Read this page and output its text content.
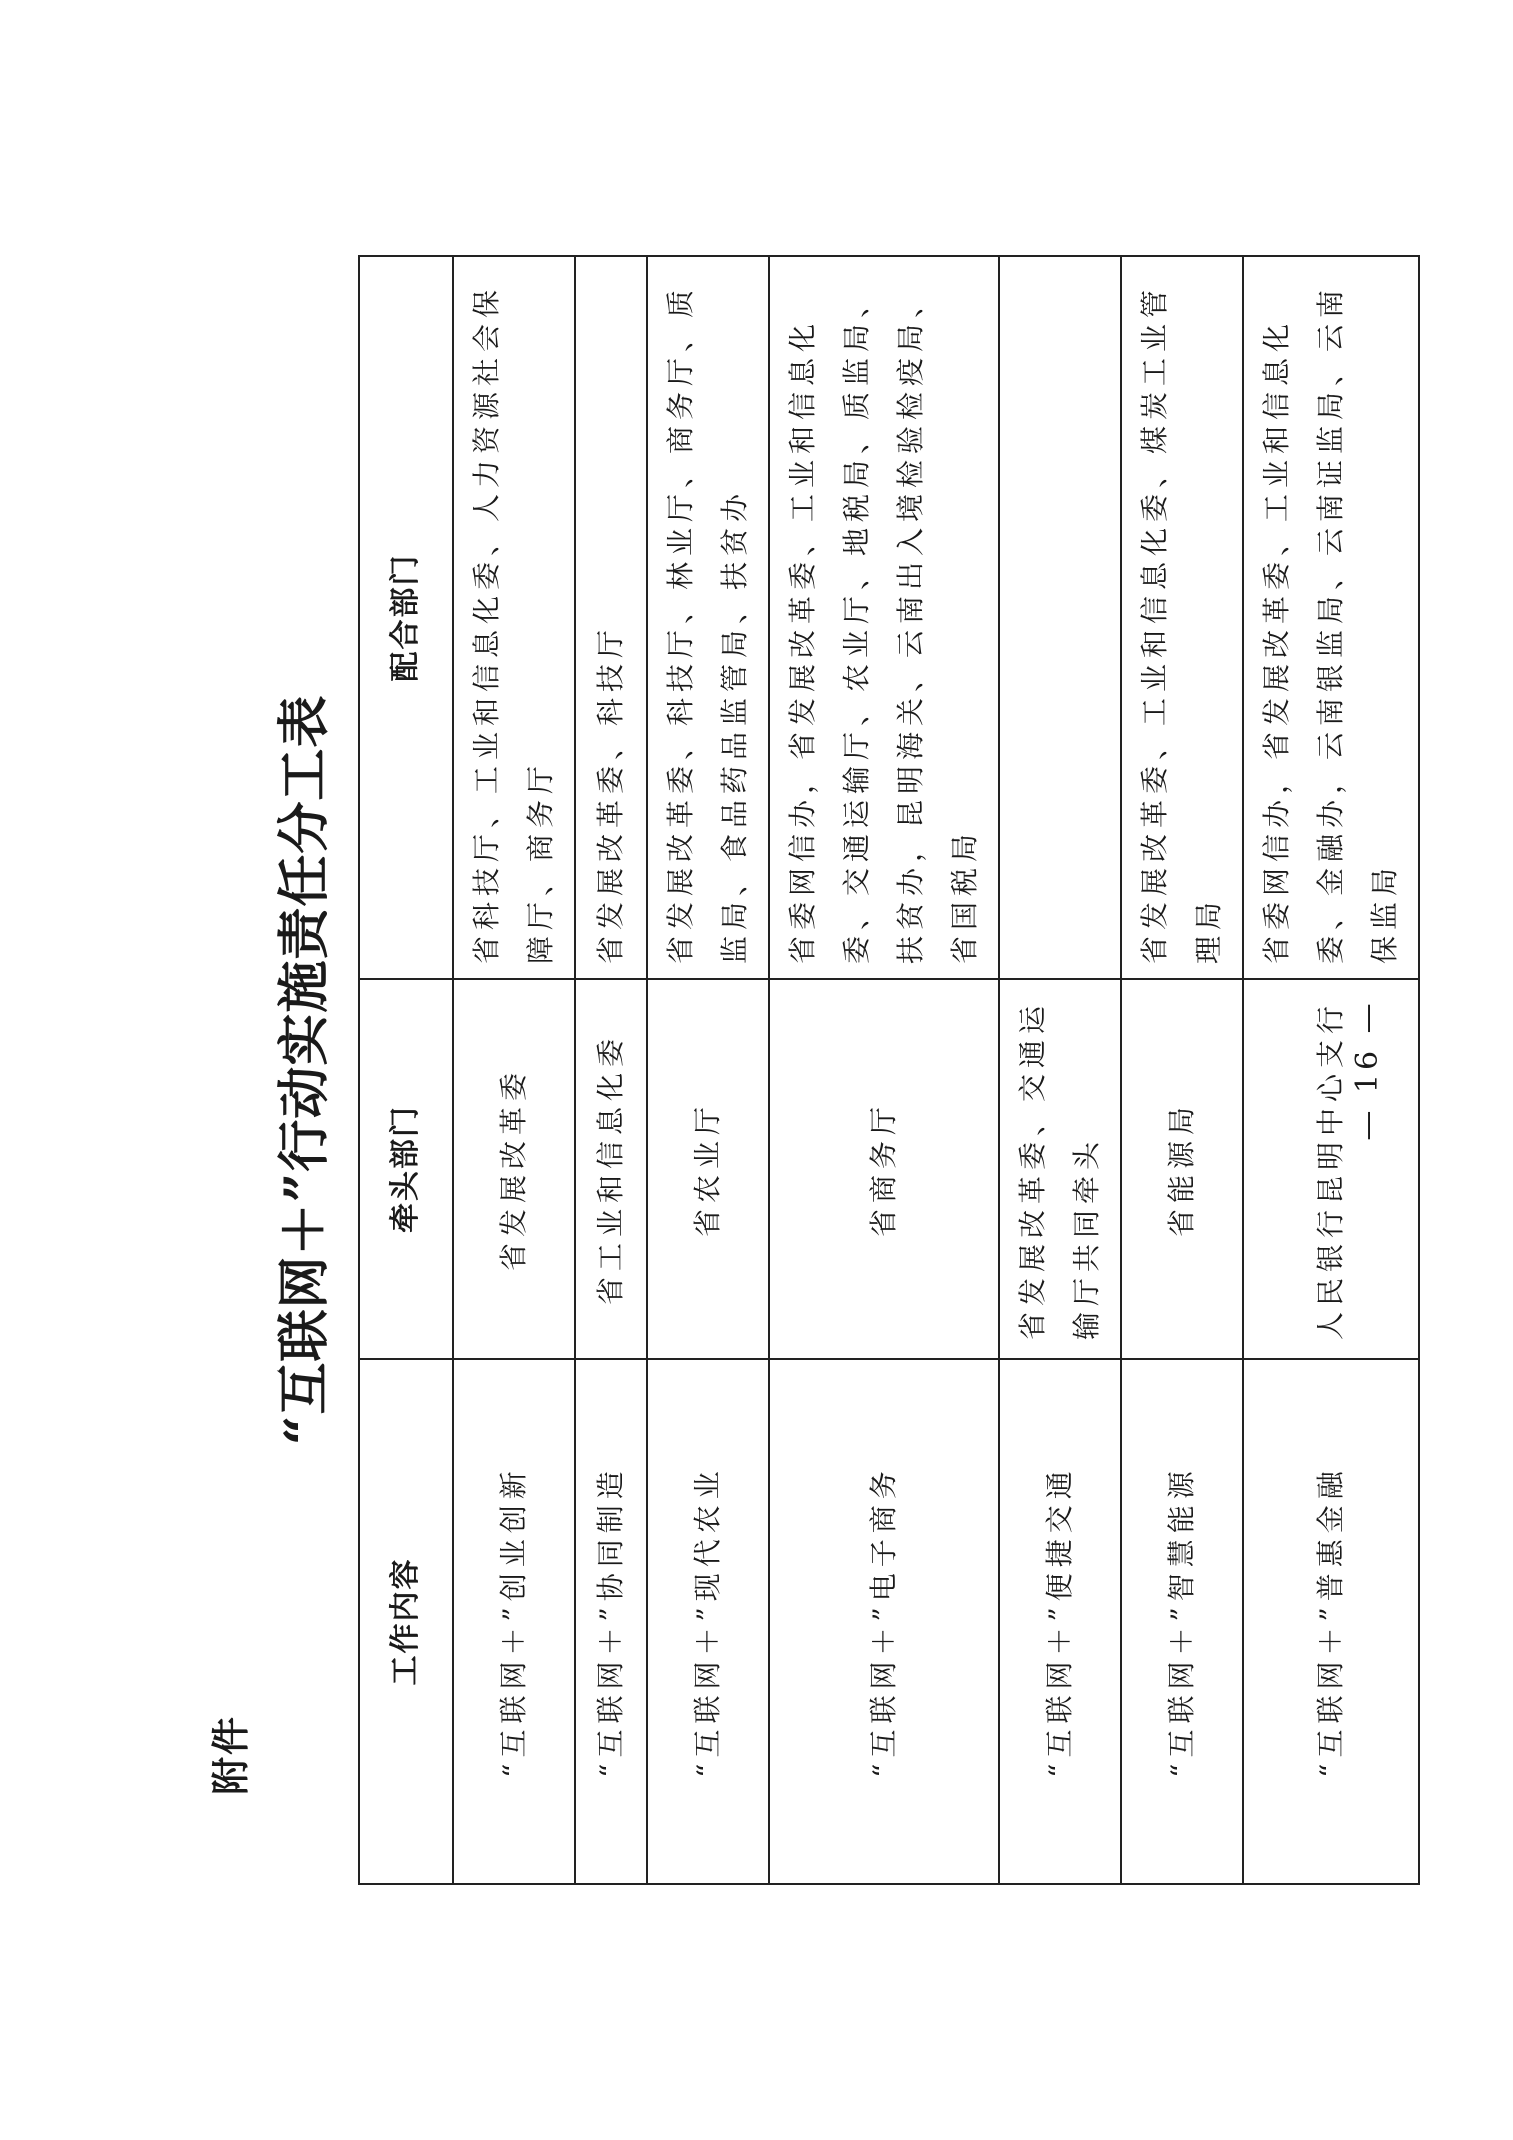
附件
“互联网＋”行动实施责任分工表
工作内容	牵头部门	配合部门
“互联网＋”创业创新	省发展改革委	省科技厅、工业和信息化委、人力资源社会保障厅、商务厅
“互联网＋”协同制造	省工业和信息化委	省发展改革委、科技厅
“互联网＋”现代农业	省农业厅	省发展改革委、科技厅、林业厅、商务厅、质监局、食品药品监管局、扶贫办
“互联网＋”电子商务	省商务厅	省委网信办，省发展改革委、工业和信息化委、交通运输厅、农业厅、地税局、质监局、扶贫办，昆明海关、云南出入境检验检疫局、省国税局
“互联网＋”便捷交通	省发展改革委、交通运输厅共同牵头	
“互联网＋”智慧能源	省能源局	省发展改革委、工业和信息化委、煤炭工业管理局
“互联网＋”普惠金融	人民银行昆明中心支行	省委网信办，省发展改革委、工业和信息化委、金融办，云南银监局、云南证监局、云南保监局
— 16 —
